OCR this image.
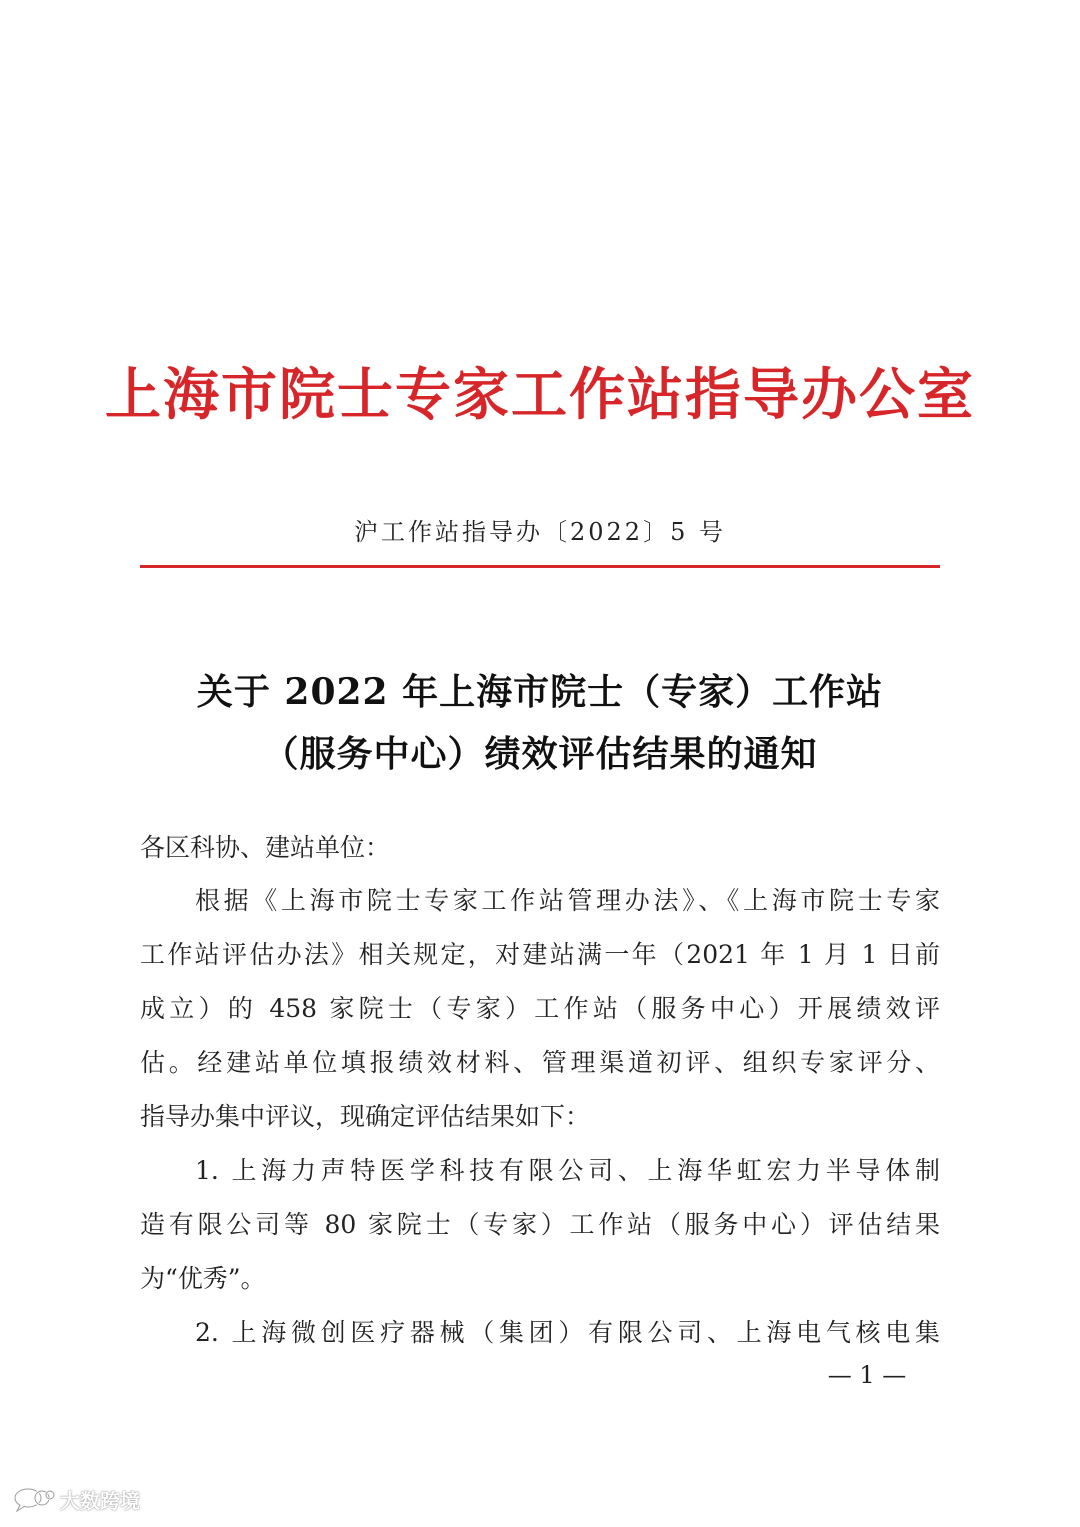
上海市院士专家工作站指导办公室
沪工作站指导办〔2022〕5 号
关于 2022 年上海市院士（专家）工作站
（服务中心）绩效评估结果的通知
各区科协、建站单位：
根据《上海市院士专家工作站管理办法》、《上海市院士专家
工作站评估办法》相关规定，对建站满一年（2021 年 1 月 1 日前
成立）的 458 家院士（专家）工作站（服务中心）开展绩效评
估。经建站单位填报绩效材料、管理渠道初评、组织专家评分、
指导办集中评议，现确定评估结果如下：
1. 上海力声特医学科技有限公司、上海华虹宏力半导体制
造有限公司等 80 家院士（专家）工作站（服务中心）评估结果
为“优秀”。
2. 上海微创医疗器械（集团）有限公司、上海电气核电集
— 1 —
大数跨境
